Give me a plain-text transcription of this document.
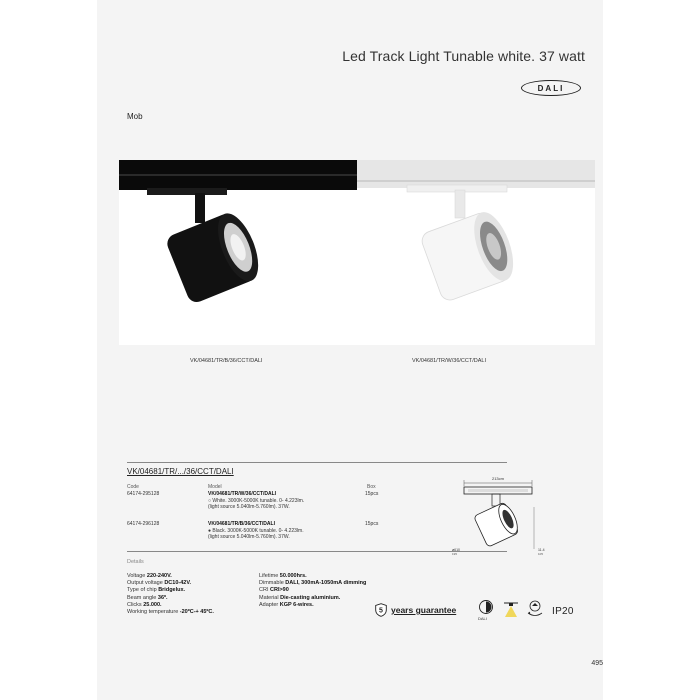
Led Track Light Tunable white. 37 watt
DALI
Mob
VK/04681/TR/B/36/CCT/DALI	VK/04681/TR/W/36/CCT/DALI
VK/04681/TR/.../36/CCT/DALI
Code	Model	Box
64174-295128	VK/04681/TR/W/36/CCT/DALI
○ White. 3000K-5000K tunable. 0- 4.223lm.
(light source 5.040lm-5.760lm). 37W.
15pcs
64174-296128	VK/04681/TR/B/36/CCT/DALI
● Black. 3000K-5000K tunable. 0- 4.223lm.
(light source 5.040lm-5.760lm). 37W.
15pcs
213cm
ø610
195
11.4
105
Details
Voltage 220-240V.
Output voltage DC10-42V.
Type of chip Bridgelux.
Beam angle 36º.
Clicks 25.000.
Working temperature -20ºC-+ 45ºC.
Lifetime 50.000hrs.
Dimmable DALI, 300mA-1050mA dimming
CRI CRI>90
Material Die-casting aluminium.
Adapter KGP 6-wires.
5 years guarantee
DALI
IP20
495
